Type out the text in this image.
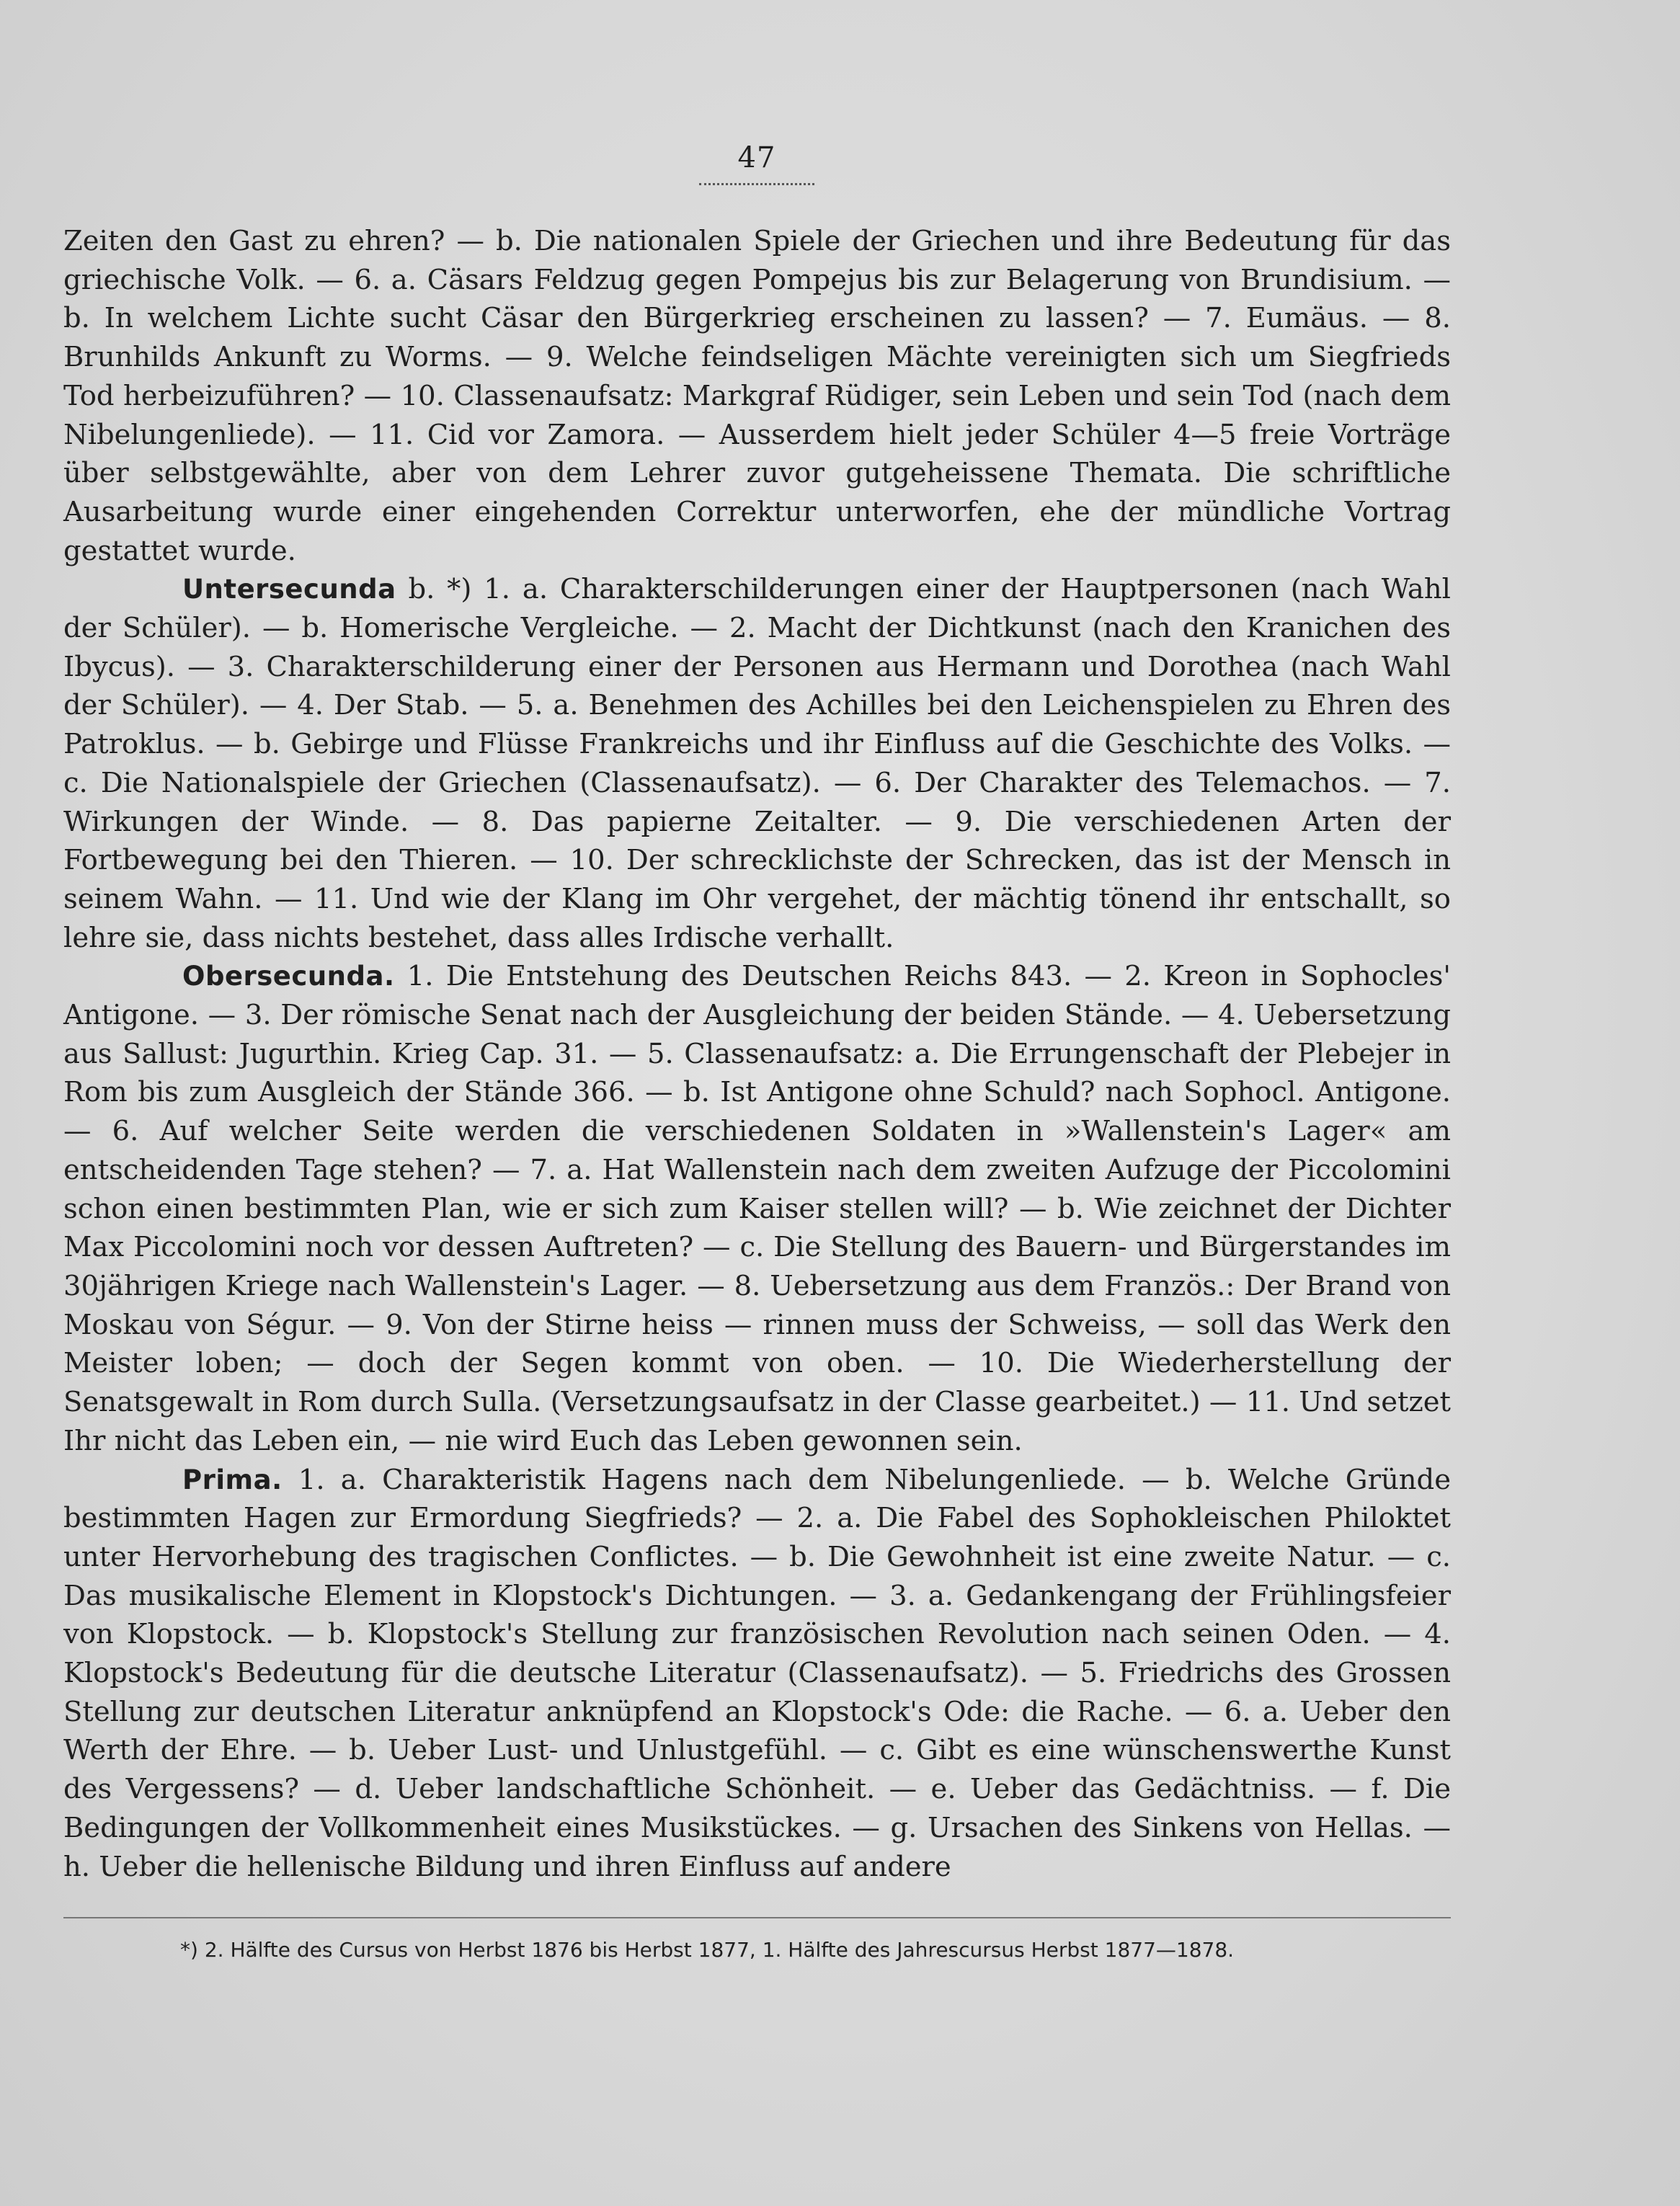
47

Zeiten den Gast zu ehren? — b. Die nationalen Spiele der Griechen und ihre Bedeutung für das griechische Volk. — 6. a. Cäsars Feldzug gegen Pompejus bis zur Belagerung von Brundisium. — b. In welchem Lichte sucht Cäsar den Bürgerkrieg erscheinen zu lassen? — 7. Eumäus. — 8. Brunhilds Ankunft zu Worms. — 9. Welche feindseligen Mächte vereinigten sich um Siegfrieds Tod herbeizuführen? — 10. Classenaufsatz: Markgraf Rüdiger, sein Leben und sein Tod (nach dem Nibelungenliede). — 11. Cid vor Zamora. — Ausserdem hielt jeder Schüler 4—5 freie Vorträge über selbstgewählte, aber von dem Lehrer zuvor gutgeheissene Themata. Die schriftliche Ausarbeitung wurde einer eingehenden Correktur unterworfen, ehe der mündliche Vortrag gestattet wurde.

Untersecunda b. *) 1. a. Charakterschilderungen einer der Hauptpersonen (nach Wahl der Schüler). — b. Homerische Vergleiche. — 2. Macht der Dichtkunst (nach den Kranichen des Ibycus). — 3. Charakterschilderung einer der Personen aus Hermann und Dorothea (nach Wahl der Schüler). — 4. Der Stab. — 5. a. Benehmen des Achilles bei den Leichenspielen zu Ehren des Patroklus. — b. Gebirge und Flüsse Frankreichs und ihr Einfluss auf die Geschichte des Volks. — c. Die Nationalspiele der Griechen (Classenaufsatz). — 6. Der Charakter des Telemachos. — 7. Wirkungen der Winde. — 8. Das papierne Zeitalter. — 9. Die verschiedenen Arten der Fortbewegung bei den Thieren. — 10. Der schrecklichste der Schrecken, das ist der Mensch in seinem Wahn. — 11. Und wie der Klang im Ohr vergehet, der mächtig tönend ihr entschallt, so lehre sie, dass nichts bestehet, dass alles Irdische verhallt.

Obersecunda. 1. Die Entstehung des Deutschen Reichs 843. — 2. Kreon in Sophocles' Antigone. — 3. Der römische Senat nach der Ausgleichung der beiden Stände. — 4. Uebersetzung aus Sallust: Jugurthin. Krieg Cap. 31. — 5. Classenaufsatz: a. Die Errungenschaft der Plebejer in Rom bis zum Ausgleich der Stände 366. — b. Ist Antigone ohne Schuld? nach Sophocl. Antigone. — 6. Auf welcher Seite werden die verschiedenen Soldaten in »Wallenstein's Lager« am entscheidenden Tage stehen? — 7. a. Hat Wallenstein nach dem zweiten Aufzuge der Piccolomini schon einen bestimmten Plan, wie er sich zum Kaiser stellen will? — b. Wie zeichnet der Dichter Max Piccolomini noch vor dessen Auftreten? — c. Die Stellung des Bauern- und Bürgerstandes im 30jährigen Kriege nach Wallenstein's Lager. — 8. Uebersetzung aus dem Französ.: Der Brand von Moskau von Ségur. — 9. Von der Stirne heiss — rinnen muss der Schweiss, — soll das Werk den Meister loben; — doch der Segen kommt von oben. — 10. Die Wiederherstellung der Senatsgewalt in Rom durch Sulla. (Versetzungsaufsatz in der Classe gearbeitet.) — 11. Und setzet Ihr nicht das Leben ein, — nie wird Euch das Leben gewonnen sein.

Prima. 1. a. Charakteristik Hagens nach dem Nibelungenliede. — b. Welche Gründe bestimmten Hagen zur Ermordung Siegfrieds? — 2. a. Die Fabel des Sophokleischen Philoktet unter Hervorhebung des tragischen Conflictes. — b. Die Gewohnheit ist eine zweite Natur. — c. Das musikalische Element in Klopstock's Dichtungen. — 3. a. Gedankengang der Frühlingsfeier von Klopstock. — b. Klopstock's Stellung zur französischen Revolution nach seinen Oden. — 4. Klopstock's Bedeutung für die deutsche Literatur (Classenaufsatz). — 5. Friedrichs des Grossen Stellung zur deutschen Literatur anknüpfend an Klopstock's Ode: die Rache. — 6. a. Ueber den Werth der Ehre. — b. Ueber Lust- und Unlustgefühl. — c. Gibt es eine wünschenswerthe Kunst des Vergessens? — d. Ueber landschaftliche Schönheit. — e. Ueber das Gedächtniss. — f. Die Bedingungen der Vollkommenheit eines Musikstückes. — g. Ursachen des Sinkens von Hellas. — h. Ueber die hellenische Bildung und ihren Einfluss auf andere

*) 2. Hälfte des Cursus von Herbst 1876 bis Herbst 1877, 1. Hälfte des Jahrescursus Herbst 1877—1878.
